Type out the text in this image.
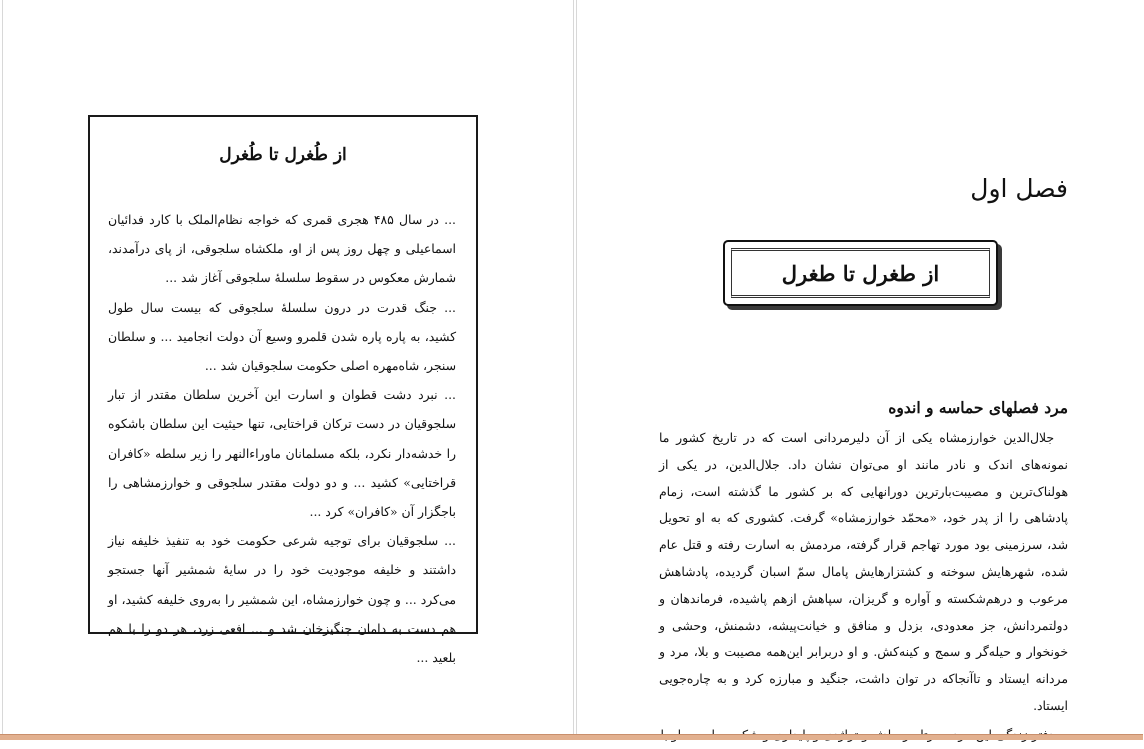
از طُغرل تا طُغرل

... در سال ۴۸۵ هجری قمری که خواجه نظام‌الملک با کارد فدائیان اسماعیلی و چهل روز پس از او، ملکشاه سلجوقی، از پای درآمدند، شمارش معکوس در سقوط سلسلهٔ سلجوقی آغاز شد ...

... جنگ قدرت در درون سلسلهٔ سلجوقی که بیست سال طول کشید، به پاره پاره شدن قلمرو وسیع آن دولت انجامید ... و سلطان سنجر، شاه‌مهره اصلی حکومت سلجوقیان شد ...

... نبرد دشت قطوان و اسارت این آخرین سلطان مقتدر از تبار سلجوقیان در دست ترکان قراختایی، تنها حیثیت این سلطان باشکوه را خدشه‌دار نکرد، بلکه مسلمانان ماوراءالنهر را زیر سلطه «کافران قراختایی» کشید ... و دو دولت مقتدر سلجوقی و خوارزمشاهی را باجگزار آن «کافران» کرد ...

... سلجوقیان برای توجیه شرعی حکومت خود به تنفیذ خلیفه نیاز داشتند و خلیفه موجودیت خود را در سایهٔ شمشیر آنها جستجو می‌کرد ... و چون خوارزمشاه، این شمشیر را به‌روی خلیفه کشید، او هم دست به دامان چنگیزخان شد و ... افعی زرد، هر دو را با هم بلعید ...

فصل اول
از طغرل تا طغرل
مرد فصلهای حماسه و اندوه

جلال‌الدین خوارزمشاه یکی از آن دلیرمردانی است که در تاریخ کشور ما نمونه‌های اندک و نادر مانند او می‌توان نشان داد. جلال‌الدین، در یکی از هولناک‌ترین و مصیبت‌بارترین دورانهایی که بر کشور ما گذشته است، زمام پادشاهی را از پدر خود، «محمّد خوارزمشاه» گرفت. کشوری که به او تحویل شد، سرزمینی بود مورد تهاجم قرار گرفته، مردمش به اسارت رفته و قتل عام شده، شهرهایش سوخته و کشتزارهایش پامال سمّ اسبان گردیده، پادشاهش مرعوب و درهم‌شکسته و آواره و گریزان، سپاهش ازهم پاشیده، فرماندهان و دولتمردانش، جز معدودی، بزدل و منافق و خیانت‌پیشه، دشمنش، وحشی و خونخوار و حیله‌گر و سمج و کینه‌کش. و او دربرابر این‌همه مصیبت و بلا، مرد و مردانه ایستاد و تاآنجاکه در توان داشت، جنگید و مبارزه کرد و به چاره‌جویی ایستاد.
